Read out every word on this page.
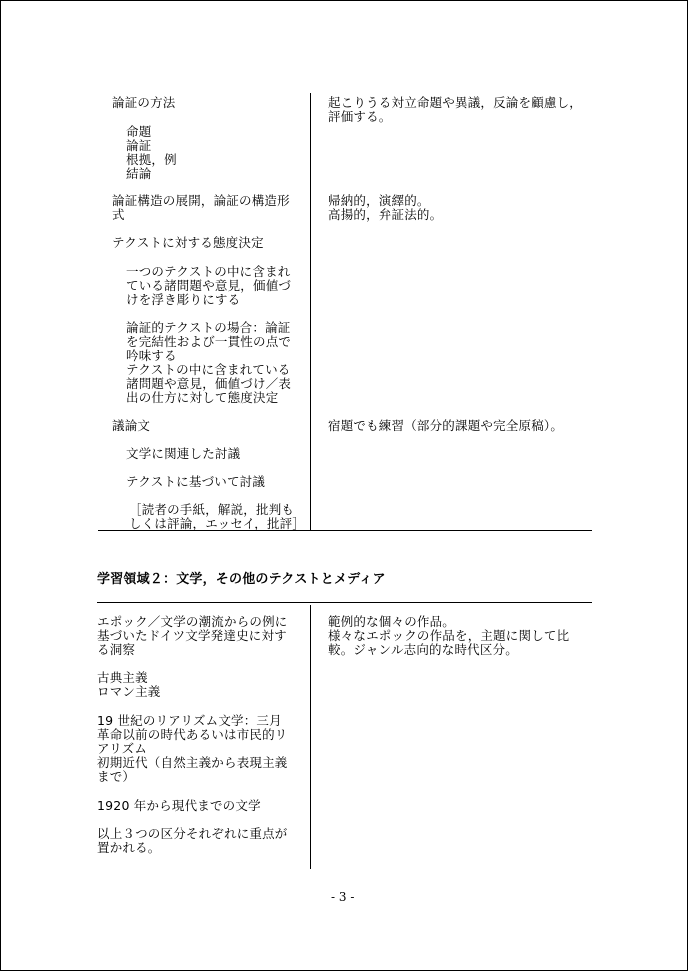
論証の方法
命題
論証
根拠，例
結論
起こりうる対立命題や異議，反論を顧慮し，
評価する。
論証構造の展開，論証の構造形
式
帰納的，演繹的。
高揚的，弁証法的。
テクストに対する態度決定
一つのテクストの中に含まれ
ている諸問題や意見，価値づ
けを浮き彫りにする
論証的テクストの場合：論証
を完結性および一貫性の点で
吟味する
テクストの中に含まれている
諸問題や意見，価値づけ／表
出の仕方に対して態度決定
議論文	宿題でも練習（部分的課題や完全原稿）。
文学に関連した討議
テクストに基づいて討議
［読者の手紙，解説，批判も
しくは評論，エッセイ，批評］
学習領域２：文学，その他のテクストとメディア
エポック／文学の潮流からの例に
基づいたドイツ文学発達史に対す
る洞察
範例的な個々の作品。
様々なエポックの作品を，主題に関して比
較。ジャンル志向的な時代区分。
古典主義
ロマン主義
19 世紀のリアリズム文学：三月
革命以前の時代あるいは市民的リ
アリズム
初期近代（自然主義から表現主義
まで）
1920 年から現代までの文学
以上３つの区分それぞれに重点が
置かれる。
- 3 -
